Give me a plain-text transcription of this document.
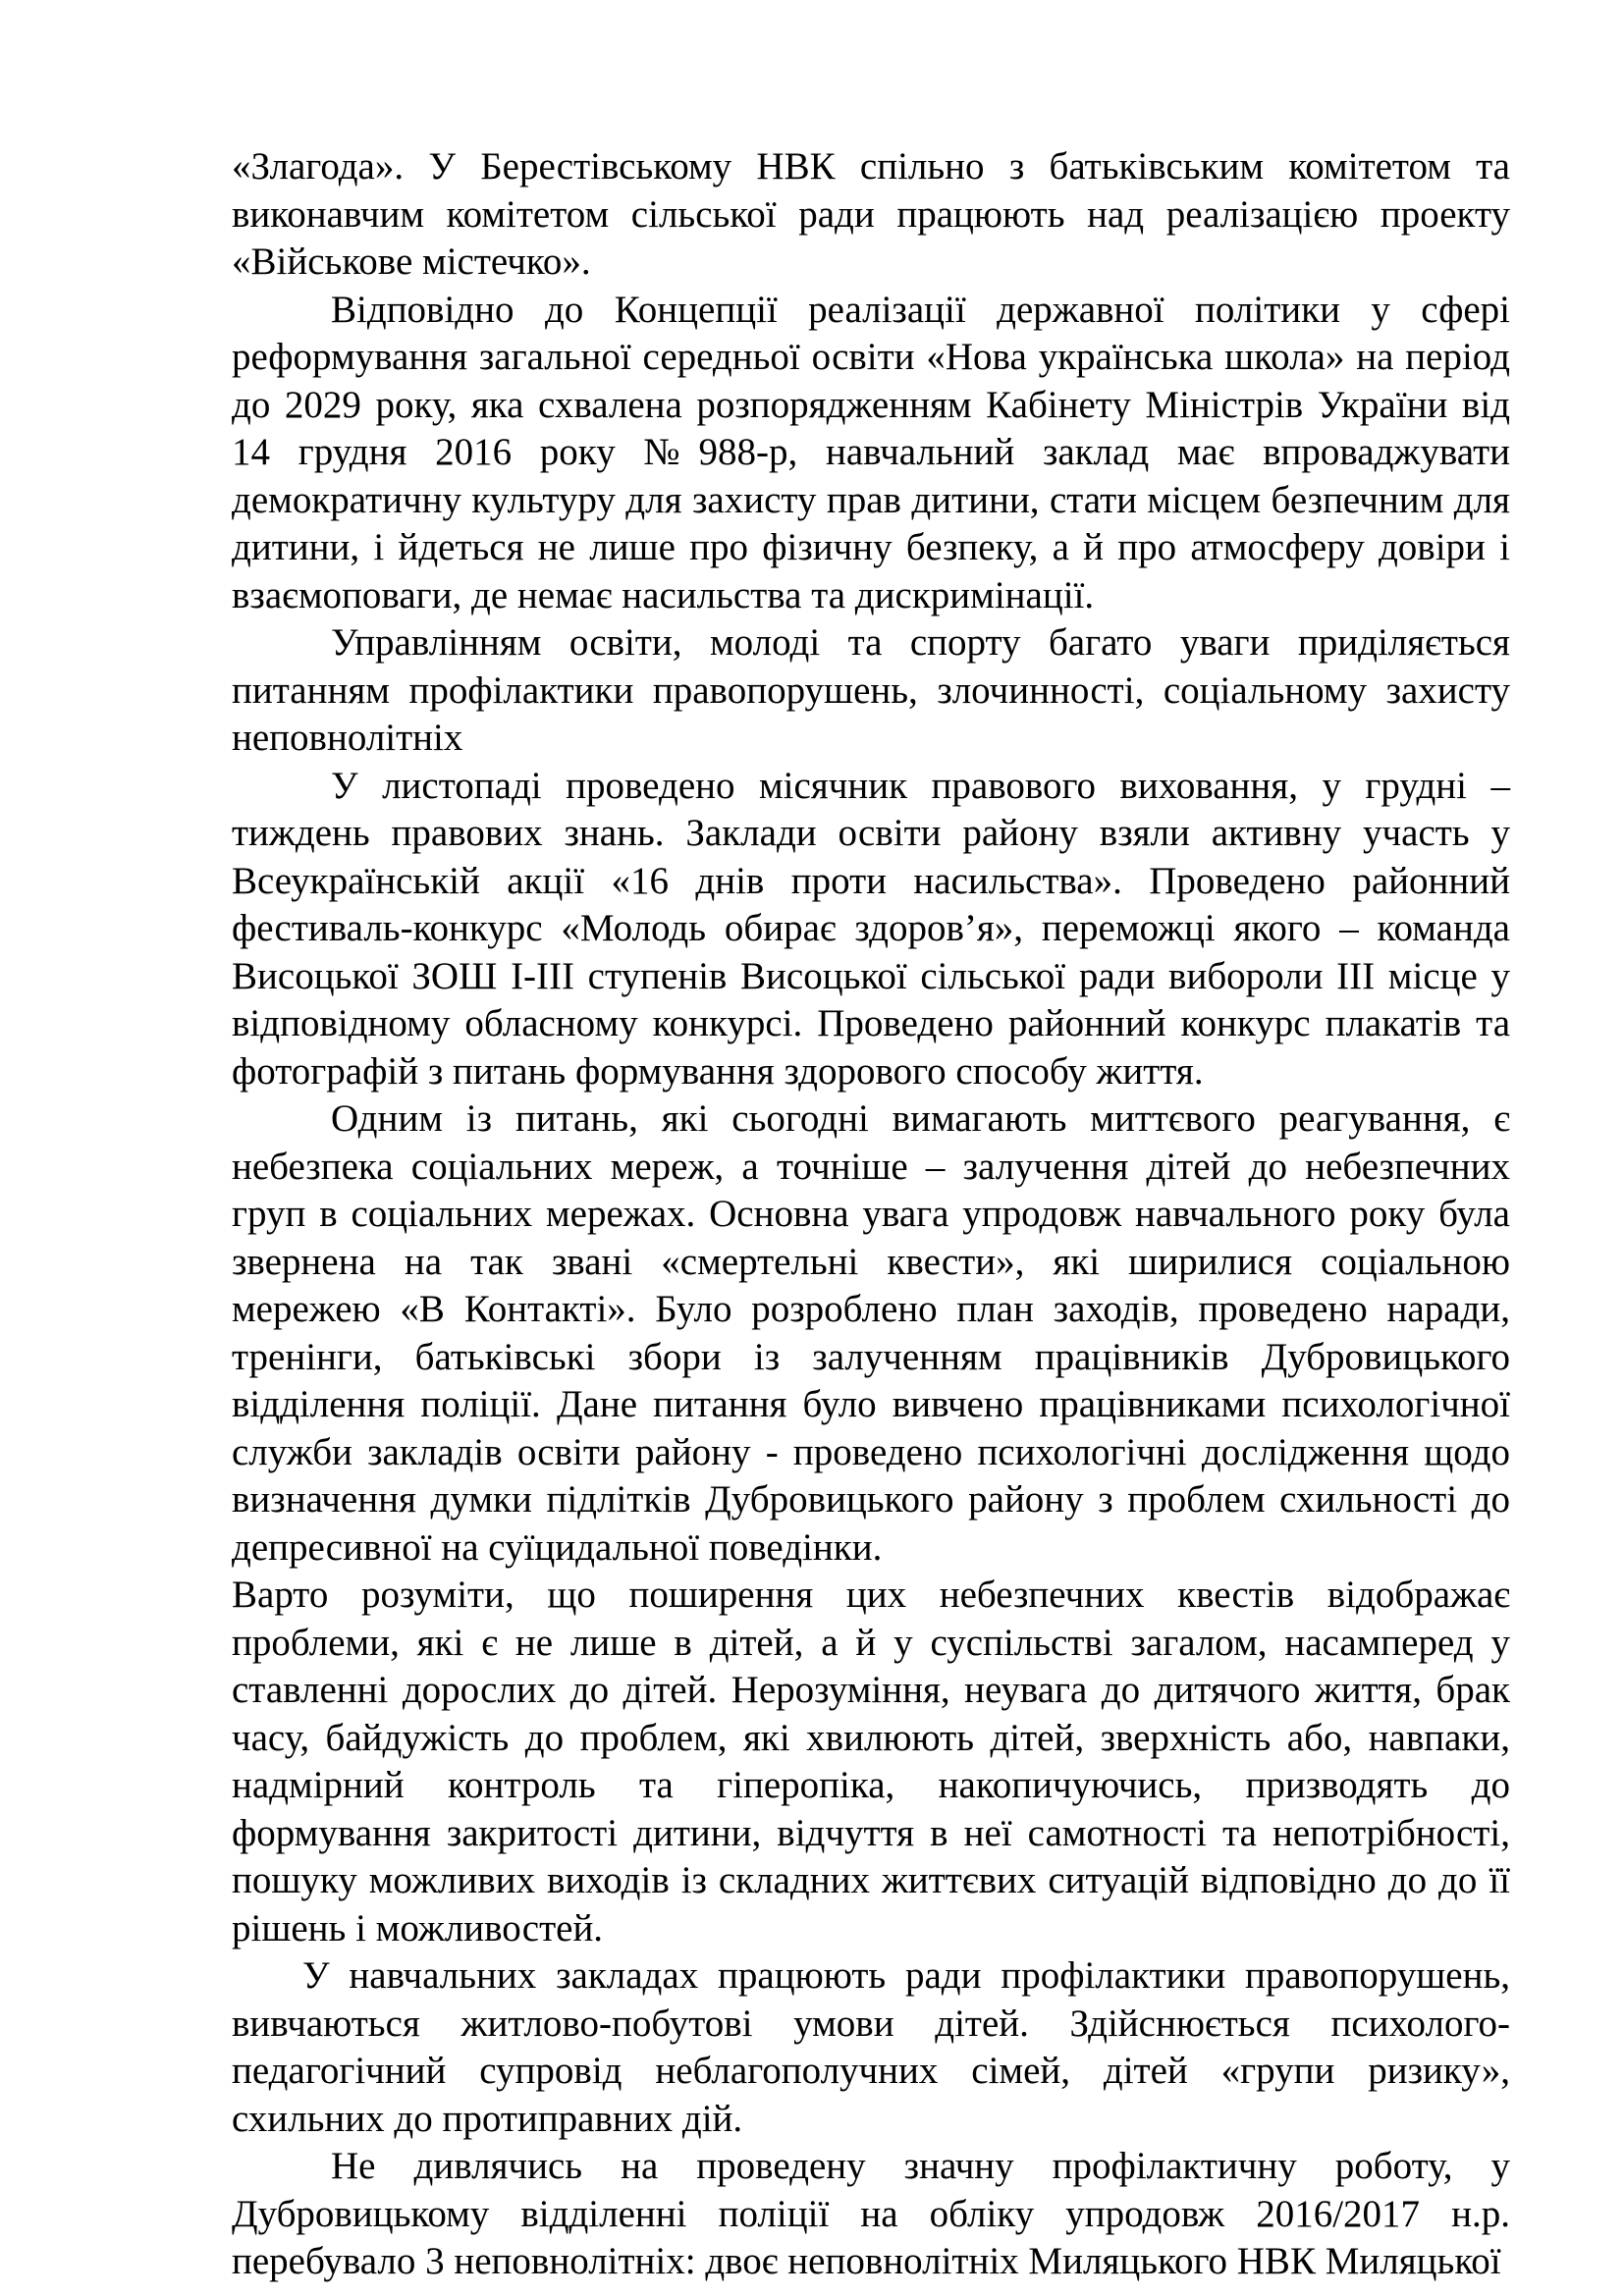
«Злагода». У Берестівському НВК спільно з батьківським комітетом та виконавчим комітетом сільської ради працюють над реалізацією проекту «Військове містечко».

Відповідно до Концепції реалізації державної політики у сфері реформування загальної середньої освіти «Нова українська школа» на період до 2029 року, яка схвалена розпорядженням Кабінету Міністрів України від 14 грудня 2016 року №988-р, навчальний заклад має впроваджувати демократичну культуру для захисту прав дитини, стати місцем безпечним для дитини, і йдеться не лише про фізичну безпеку, а й про атмосферу довіри і взаємоповаги, де немає насильства та дискримінації.

Управлінням освіти, молоді та спорту багато уваги приділяється питанням профілактики правопорушень, злочинності, соціальному захисту неповнолітніх

У листопаді проведено місячник правового виховання, у грудні – тиждень правових знань. Заклади освіти району взяли активну участь у Всеукраїнській акції «16 днів проти насильства». Проведено районний фестиваль-конкурс «Молодь обирає здоров’я», переможці якого – команда Висоцької ЗОШ І-ІІІ ступенів Висоцької сільської ради вибороли ІІІ місце у відповідному обласному конкурсі. Проведено районний конкурс плакатів та фотографій з питань формування здорового способу життя.

Одним із питань, які сьогодні вимагають миттєвого реагування, є небезпека соціальних мереж, а точніше – залучення дітей до небезпечних груп в соціальних мережах. Основна увага упродовж навчального року була звернена на так звані «смертельні квести», які ширилися соціальною мережею «В Контакті». Було розроблено план заходів, проведено наради, тренінги, батьківські збори із залученням працівників Дубровицького відділення поліції. Дане питання було вивчено працівниками психологічної служби закладів освіти району - проведено психологічні дослідження щодо визначення думки підлітків Дубровицького району з проблем схильності до депресивної на суїцидальної поведінки.

Варто розуміти, що поширення цих небезпечних квестів відображає проблеми, які є не лише в дітей, а й у суспільстві загалом, насамперед у ставленні дорослих до дітей. Нерозуміння, неувага до дитячого життя, брак часу, байдужість до проблем, які хвилюють дітей, зверхність або, навпаки, надмірний контроль та гіперопіка, накопичуючись, призводять до формування закритості дитини, відчуття в неї самотності та непотрібності, пошуку можливих виходів із складних життєвих ситуацій відповідно до до її рішень і можливостей.

У навчальних закладах працюють ради профілактики правопорушень, вивчаються житлово-побутові умови дітей. Здійснюється психолого-педагогічний супровід неблагополучних сімей, дітей «групи ризику», схильних до протиправних дій.

Не дивлячись на проведену значну профілактичну роботу, у Дубровицькому відділенні поліції на обліку упродовж 2016/2017 н.р. перебувало 3 неповнолітніх: двоє неповнолітніх Миляцького НВК Миляцької
